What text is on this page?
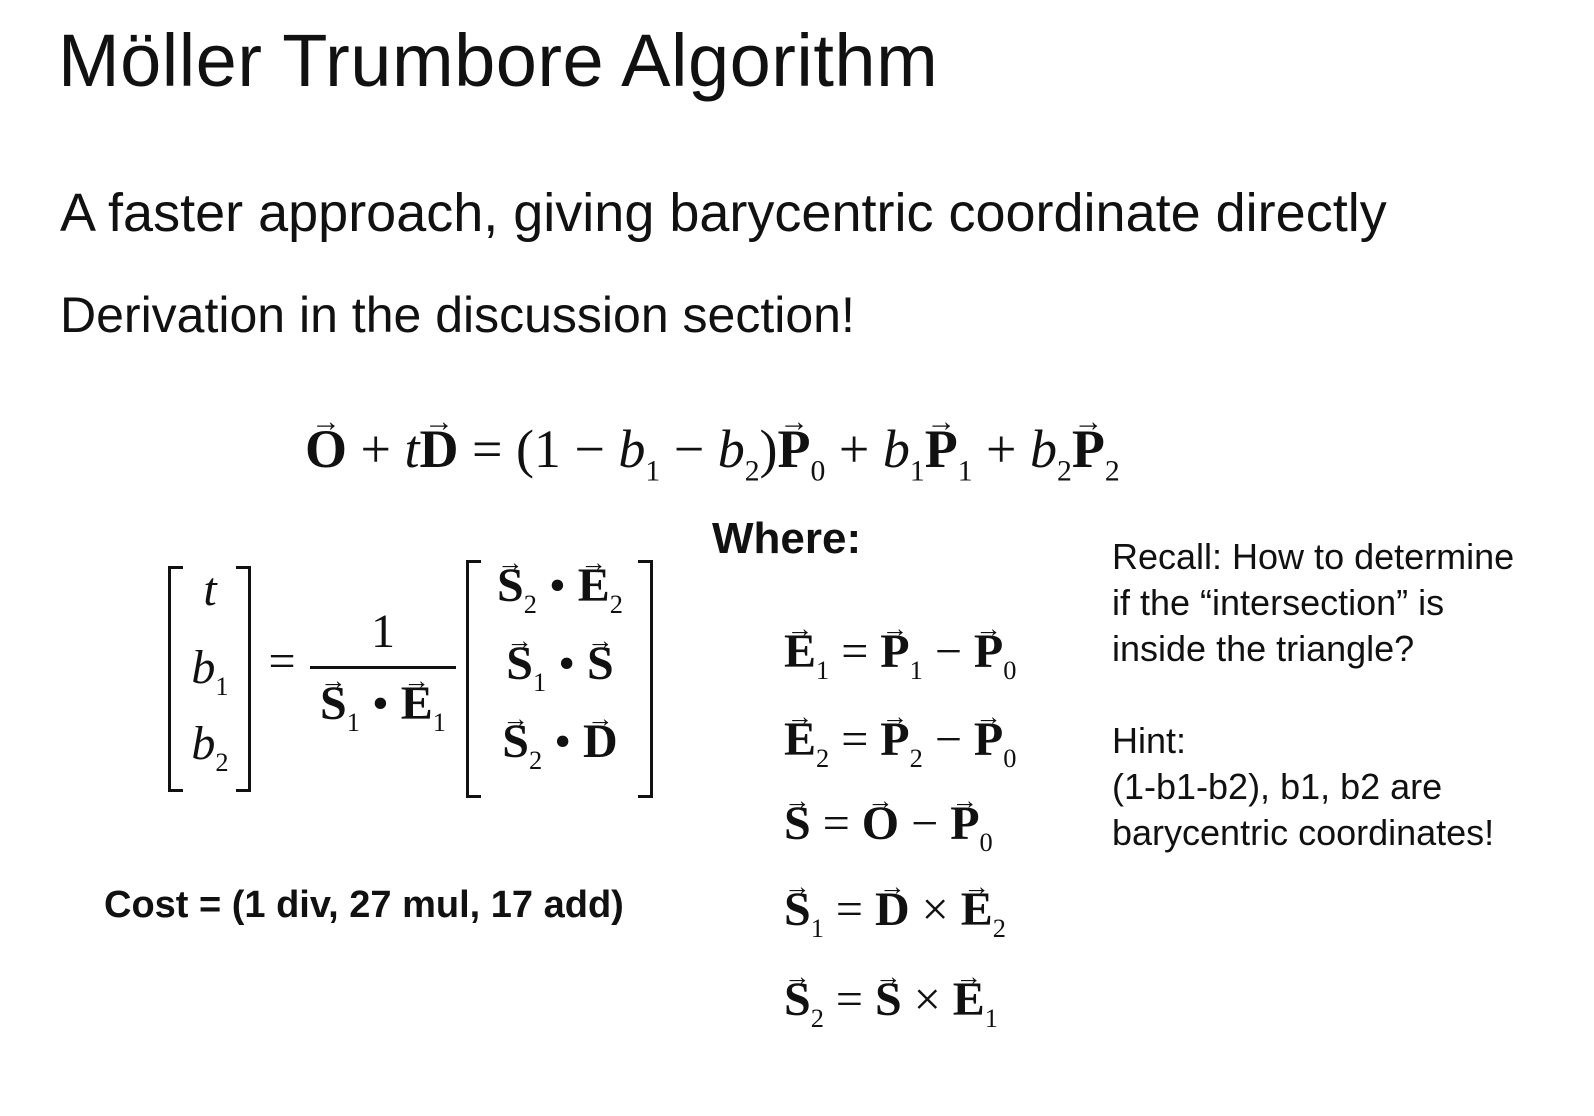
Möller Trumbore Algorithm
A faster approach, giving barycentric coordinate directly
Derivation in the discussion section!
→ $O + t\to D = (1 - b_1 - b_2)\to P_0 + b_1\to P_1 + b_2\to P_2$
Where:
t
$b_1$
$b_2$
=
1
→ $S_1$ • → $E_1$
→ $S_2$ • → $E_2$
→ $S_1$ • → S
→ $S_2$ • → D
→ $E_1$ = → $P_1$ − → $P_0$
→ $E_2$ = → $P_2$ − → $P_0$
→ S = → O − → $P_0$
→ $S_1$ = → D × → $E_2$
→ $S_2$ = → S × → $E_1$
Cost = (1 div, 27 mul, 17 add)
Recall: How to determine
if the “intersection” is
inside the triangle?
Hint:
(1-b1-b2), b1, b2 are
barycentric coordinates!
